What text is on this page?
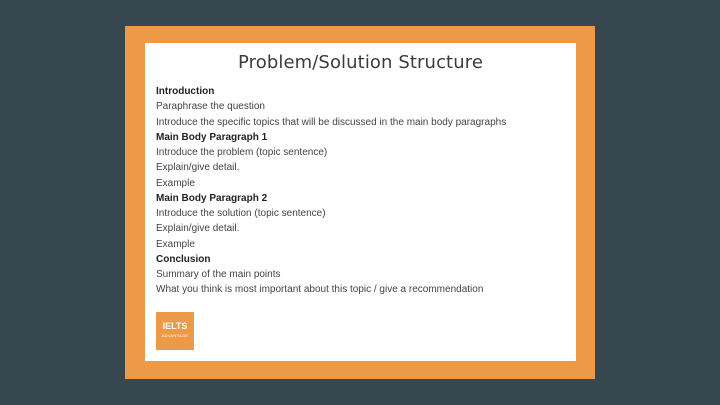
Problem/Solution Structure
Introduction
Paraphrase the question
Introduce the specific topics that will be discussed in the main body paragraphs
Main Body Paragraph 1
Introduce the problem (topic sentence)
Explain/give detail.
Example
Main Body Paragraph 2
Introduce the solution (topic sentence)
Explain/give detail.
Example
Conclusion
Summary of the main points
What you think is most important about this topic / give a recommendation
IELTS
ADVANTAGE
